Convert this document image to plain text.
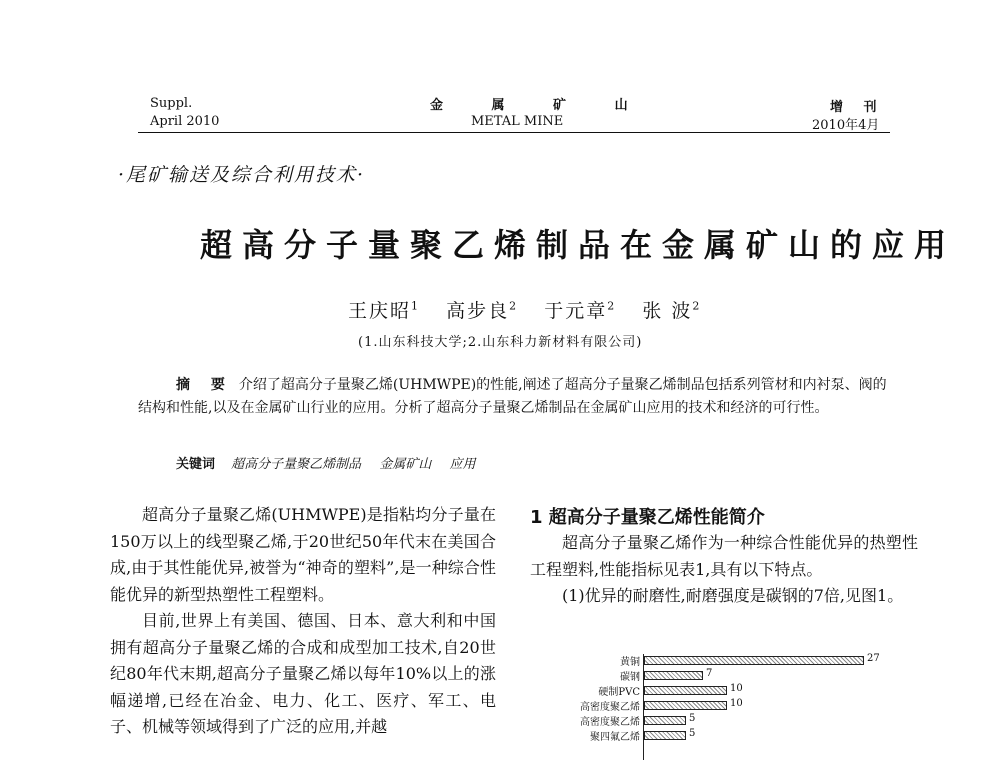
Suppl.
April 2010
金 属 矿 山
METAL MINE
增 刊
2010年4月
·尾矿输送及综合利用技术·
超高分子量聚乙烯制品在金属矿山的应用
王庆昭$^1$ 高步良$^2$ 于元章$^2$ 张 波$^2$
(1.山东科技大学;2.山东科力新材料有限公司)
摘 要 介绍了超高分子量聚乙烯(UHMWPE)的性能,阐述了超高分子量聚乙烯制品包括系列管材和内衬泵、阀的结构和性能,以及在金属矿山行业的应用。分析了超高分子量聚乙烯制品在金属矿山应用的技术和经济的可行性。
关键词 超高分子量聚乙烯制品 金属矿山 应用

超高分子量聚乙烯(UHMWPE)是指粘均分子量在150万以上的线型聚乙烯,于20世纪50年代末在美国合成,由于其性能优异,被誉为“神奇的塑料”,是一种综合性能优异的新型热塑性工程塑料。

目前,世界上有美国、德国、日本、意大利和中国拥有超高分子量聚乙烯的合成和成型加工技术,自20世纪80年代末期,超高分子量聚乙烯以每年10%以上的涨幅递增,已经在冶金、电力、化工、医疗、军工、电子、机械等领域得到了广泛的应用,并越

1 超高分子量聚乙烯性能简介

超高分子量聚乙烯作为一种综合性能优异的热塑性工程塑料,性能指标见表1,具有以下特点。

(1)优异的耐磨性,耐磨强度是碳钢的7倍,见图1。

黄铜	27
碳钢	7
硬制PVC	10
高密度聚乙烯	10
高密度聚乙烯	5
聚四氟乙烯	5
